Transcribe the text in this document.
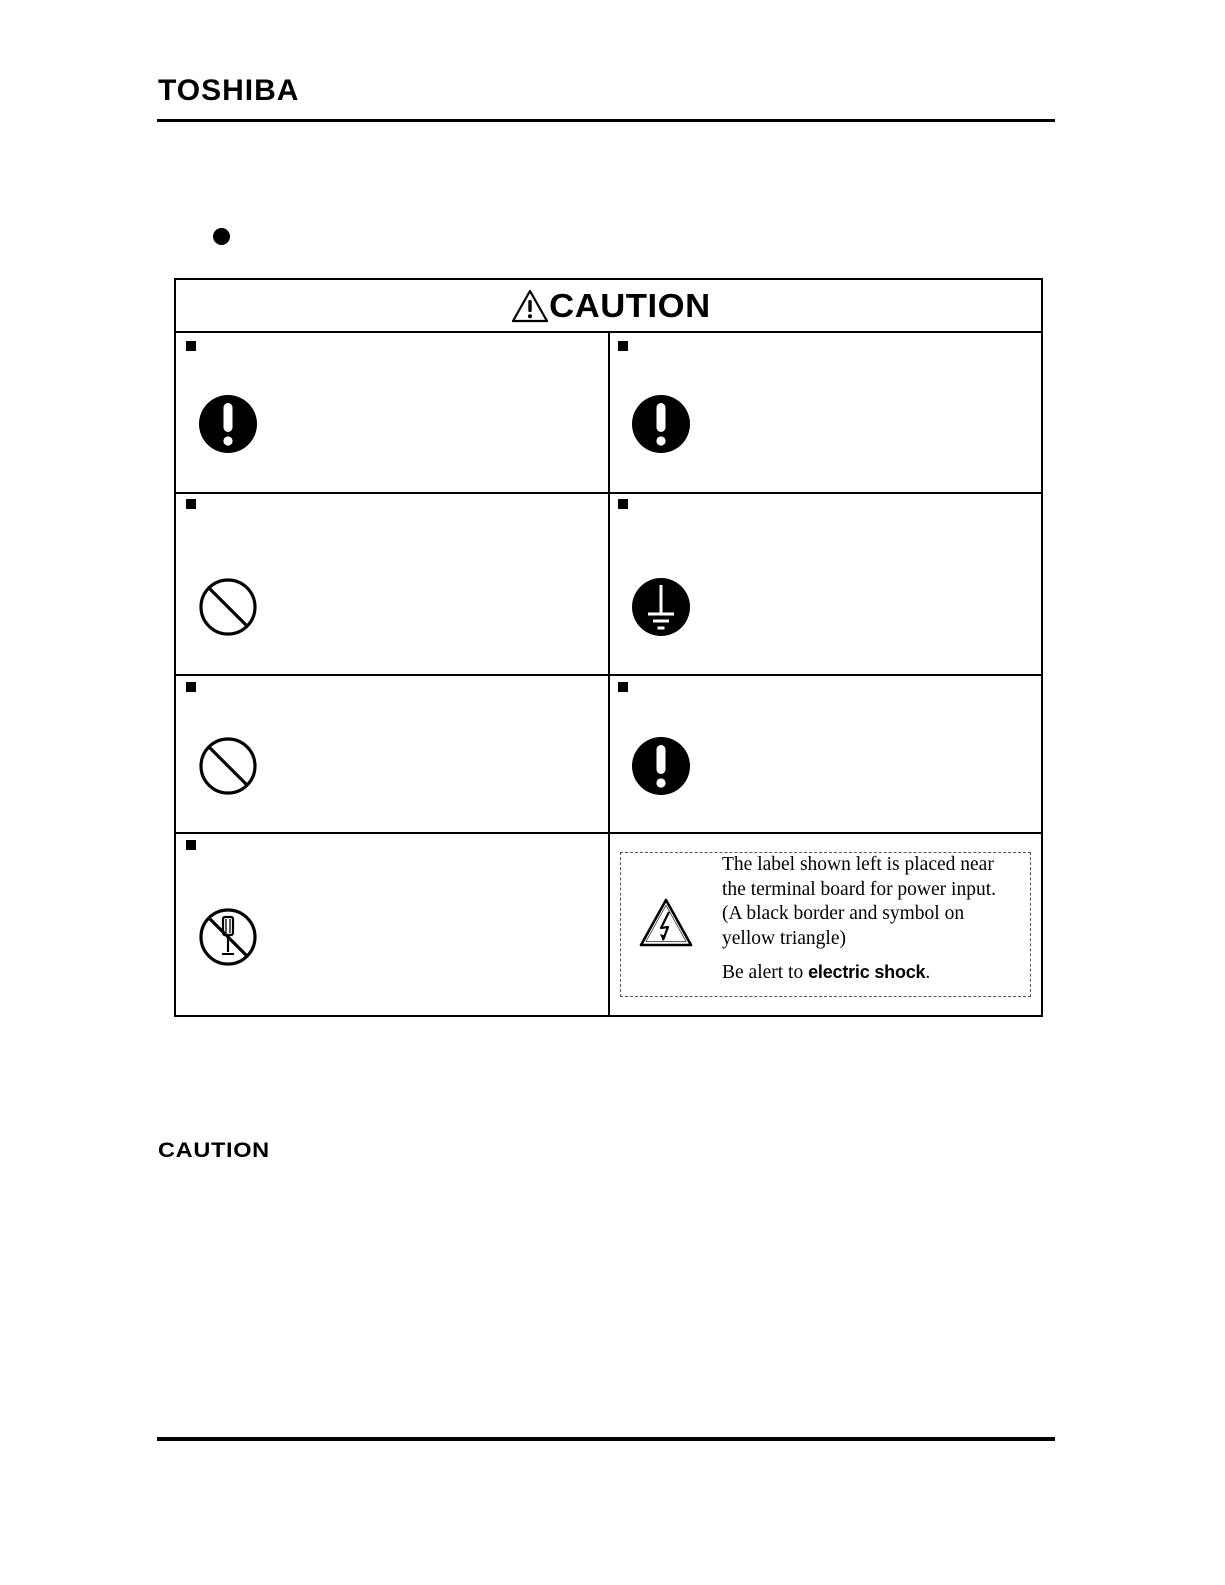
TOSHIBA
CAUTION

The label shown left is placed near

the terminal board for power input.

(A black border and symbol on

yellow triangle)

Be alert to electric shock.
CAUTION
